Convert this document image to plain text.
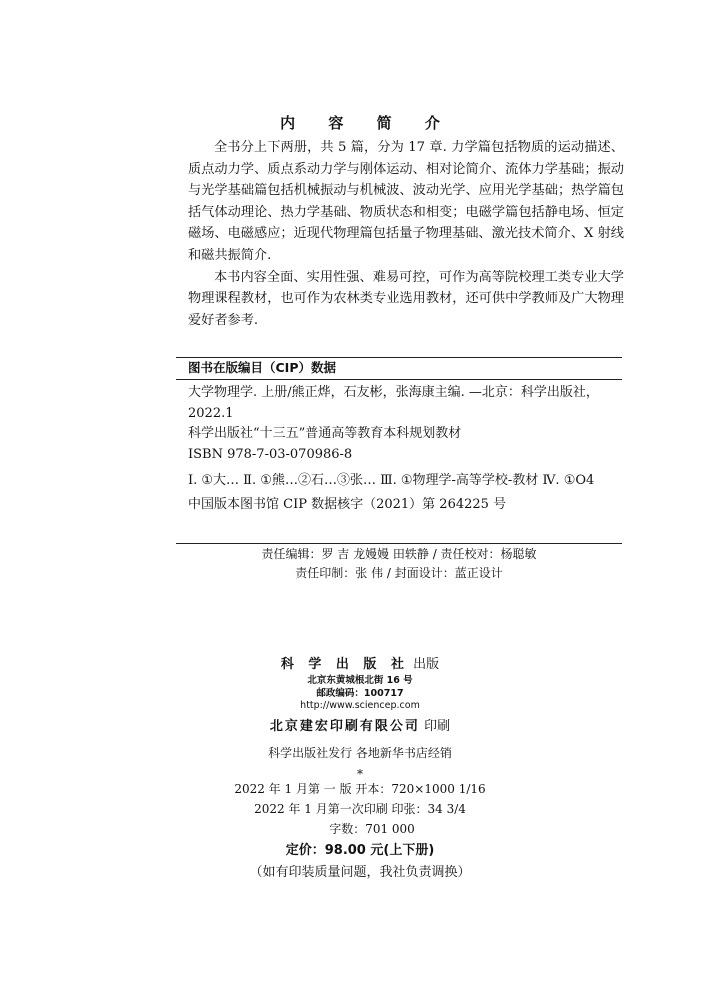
内 容 简 介

全书分上下两册，共 5 篇，分为 17 章. 力学篇包括物质的运动描述、质点动力学、质点系动力学与刚体运动、相对论简介、流体力学基础；振动与光学基础篇包括机械振动与机械波、波动光学、应用光学基础；热学篇包括气体动理论、热力学基础、物质状态和相变；电磁学篇包括静电场、恒定磁场、电磁感应；近现代物理篇包括量子物理基础、激光技术简介、X 射线和磁共振简介.

本书内容全面、实用性强、难易可控，可作为高等院校理工类专业大学物理课程教材，也可作为农林类专业选用教材，还可供中学教师及广大物理爱好者参考.

图书在版编目（CIP）数据

大学物理学. 上册/熊正烨，石友彬，张海康主编. —北京：科学出版社，2022.1

科学出版社“十三五”普通高等教育本科规划教材

ISBN 978-7-03-070986-8

Ⅰ. ①大… Ⅱ. ①熊…②石…③张… Ⅲ. ①物理学-高等学校-教材 Ⅳ. ①O4

中国版本图书馆 CIP 数据核字（2021）第 264225 号

责任编辑：罗 吉 龙嫚嫚 田轶静 / 责任校对：杨聪敏

责任印制：张 伟 / 封面设计：蓝正设计

科 学 出 版 社 出版

北京东黄城根北街 16 号

邮政编码：100717

http://www.sciencep.com

北京建宏印刷有限公司 印刷

科学出版社发行 各地新华书店经销

*

2022 年 1 月第 一 版 开本：720×1000 1/16

2022 年 1 月第一次印刷 印张：34 3/4

字数：701 000

定价：98.00 元(上下册)

（如有印装质量问题，我社负责调换）
